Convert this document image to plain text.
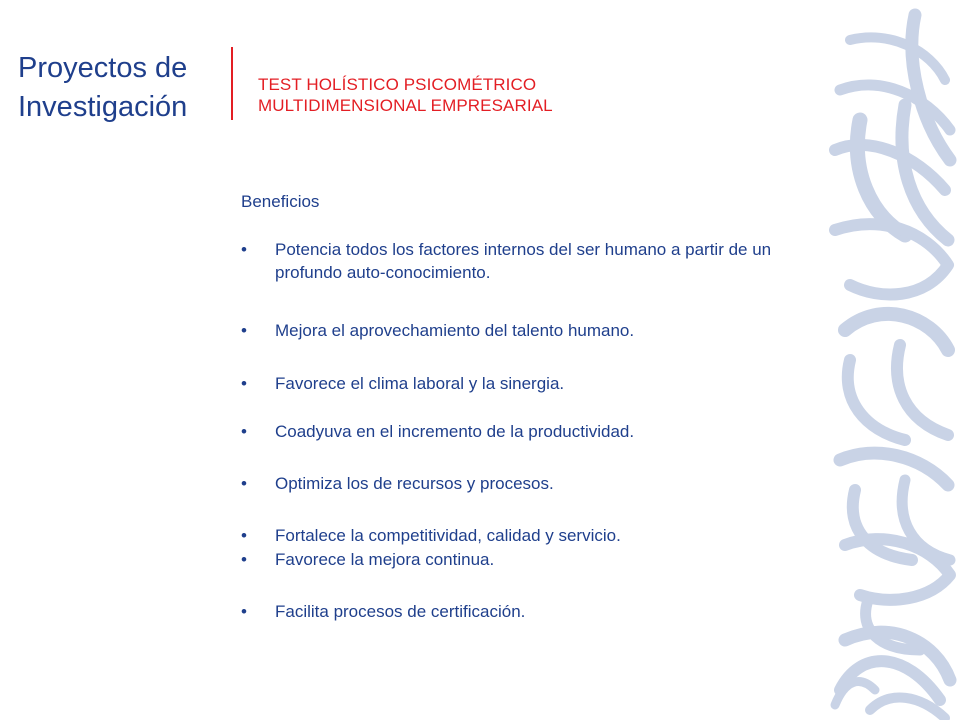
Proyectos de
Investigación
TEST HOLÍSTICO PSICOMÉTRICO
MULTIDIMENSIONAL EMPRESARIAL
Beneficios
• Potencia todos los factores internos del ser humano a partir de un profundo auto-conocimiento.
• Mejora el aprovechamiento del talento humano.
• Favorece el clima laboral y la sinergia.
• Coadyuva en el incremento de la productividad.
• Optimiza los de recursos y procesos.
• Fortalece la competitividad, calidad y servicio.
• Favorece la mejora continua.
• Facilita procesos de certificación.
